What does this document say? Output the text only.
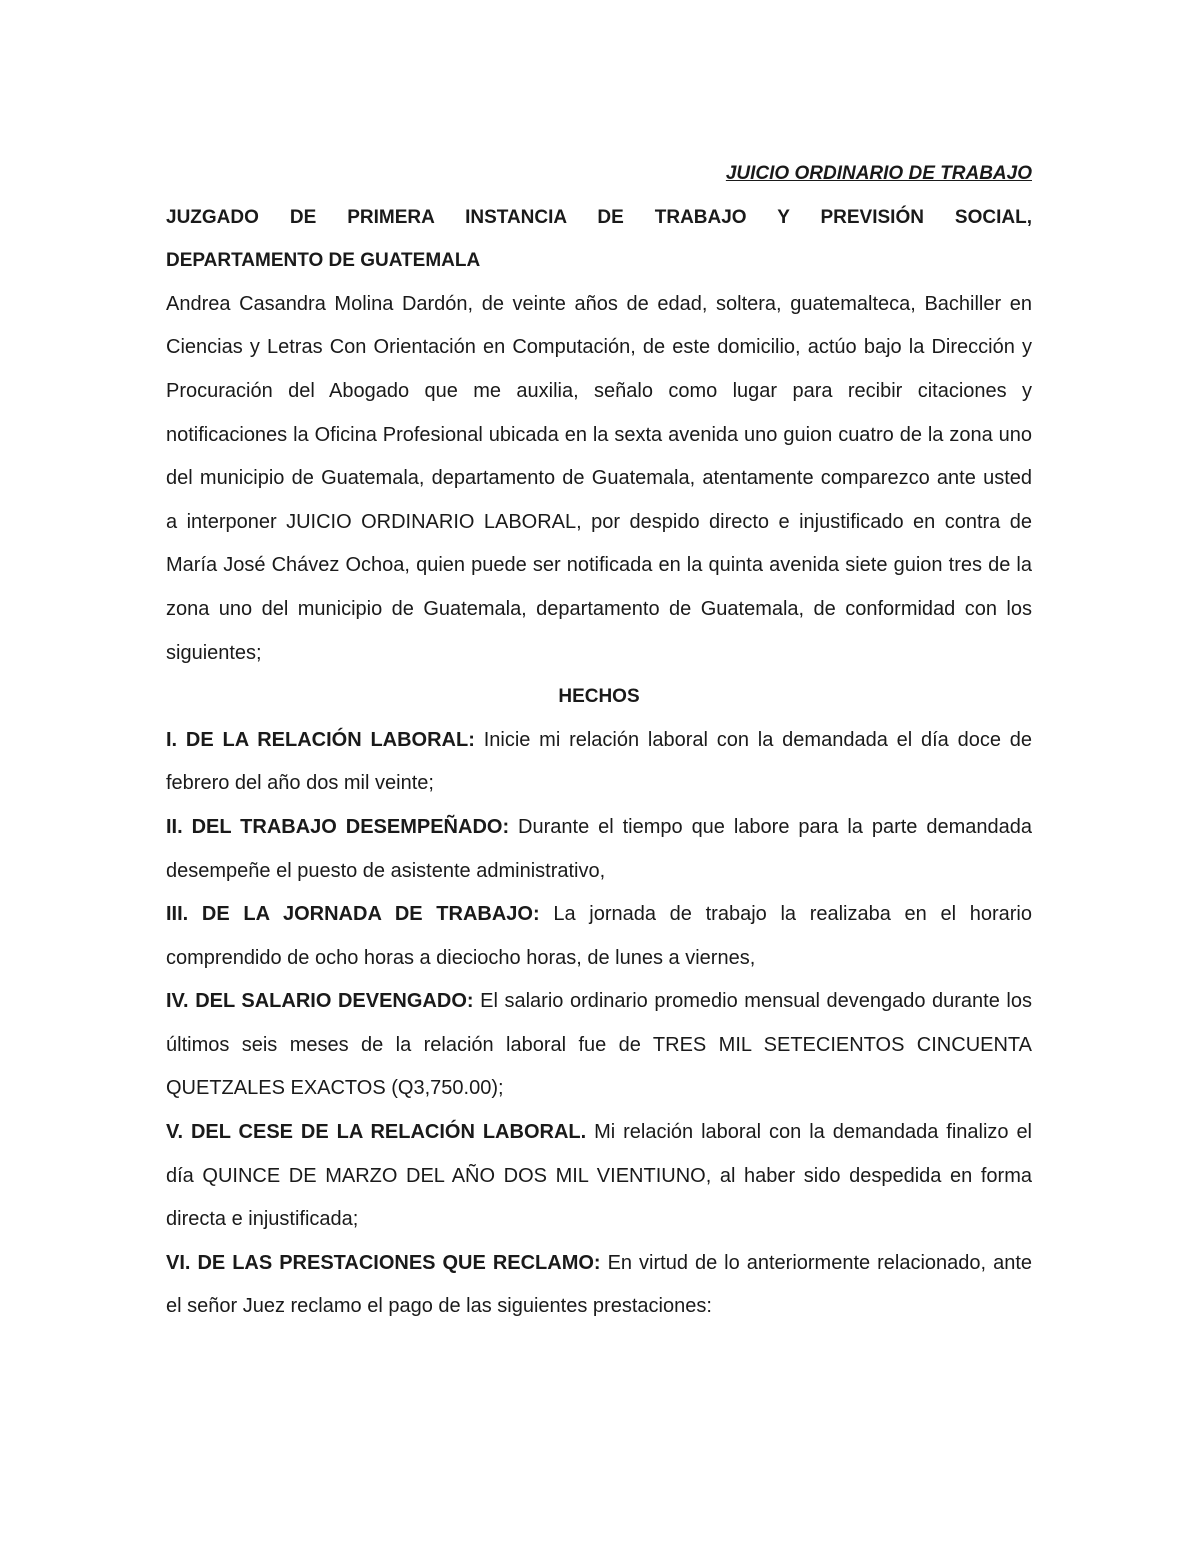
JUICIO ORDINARIO DE TRABAJO

JUZGADO DE PRIMERA INSTANCIA DE TRABAJO Y PREVISIÓN SOCIAL,
DEPARTAMENTO DE GUATEMALA

Andrea Casandra Molina Dardón, de veinte años de edad, soltera, guatemalteca, Bachiller en Ciencias y Letras Con Orientación en Computación, de este domicilio, actúo bajo la Dirección y Procuración del Abogado que me auxilia, señalo como lugar para recibir citaciones y notificaciones la Oficina Profesional ubicada en la sexta avenida uno guion cuatro de la zona uno del municipio de Guatemala, departamento de Guatemala, atentamente comparezco ante usted a interponer JUICIO ORDINARIO LABORAL, por despido directo e injustificado en contra de María José Chávez Ochoa, quien puede ser notificada en la quinta avenida siete guion tres de la zona uno del municipio de Guatemala, departamento de Guatemala, de conformidad con los siguientes;

HECHOS

I. DE LA RELACIÓN LABORAL: Inicie mi relación laboral con la demandada el día doce de febrero del año dos mil veinte;

II. DEL TRABAJO DESEMPEÑADO: Durante el tiempo que labore para la parte demandada desempeñe el puesto de asistente administrativo,

III. DE LA JORNADA DE TRABAJO: La jornada de trabajo la realizaba en el horario comprendido de ocho horas a dieciocho horas, de lunes a viernes,

IV. DEL SALARIO DEVENGADO: El salario ordinario promedio mensual devengado durante los últimos seis meses de la relación laboral fue de TRES MIL SETECIENTOS CINCUENTA QUETZALES EXACTOS (Q3,750.00);

V. DEL CESE DE LA RELACIÓN LABORAL. Mi relación laboral con la demandada finalizo el día QUINCE DE MARZO DEL AÑO DOS MIL VIENTIUNO, al haber sido despedida en forma directa e injustificada;

VI. DE LAS PRESTACIONES QUE RECLAMO: En virtud de lo anteriormente relacionado, ante el señor Juez reclamo el pago de las siguientes prestaciones:
